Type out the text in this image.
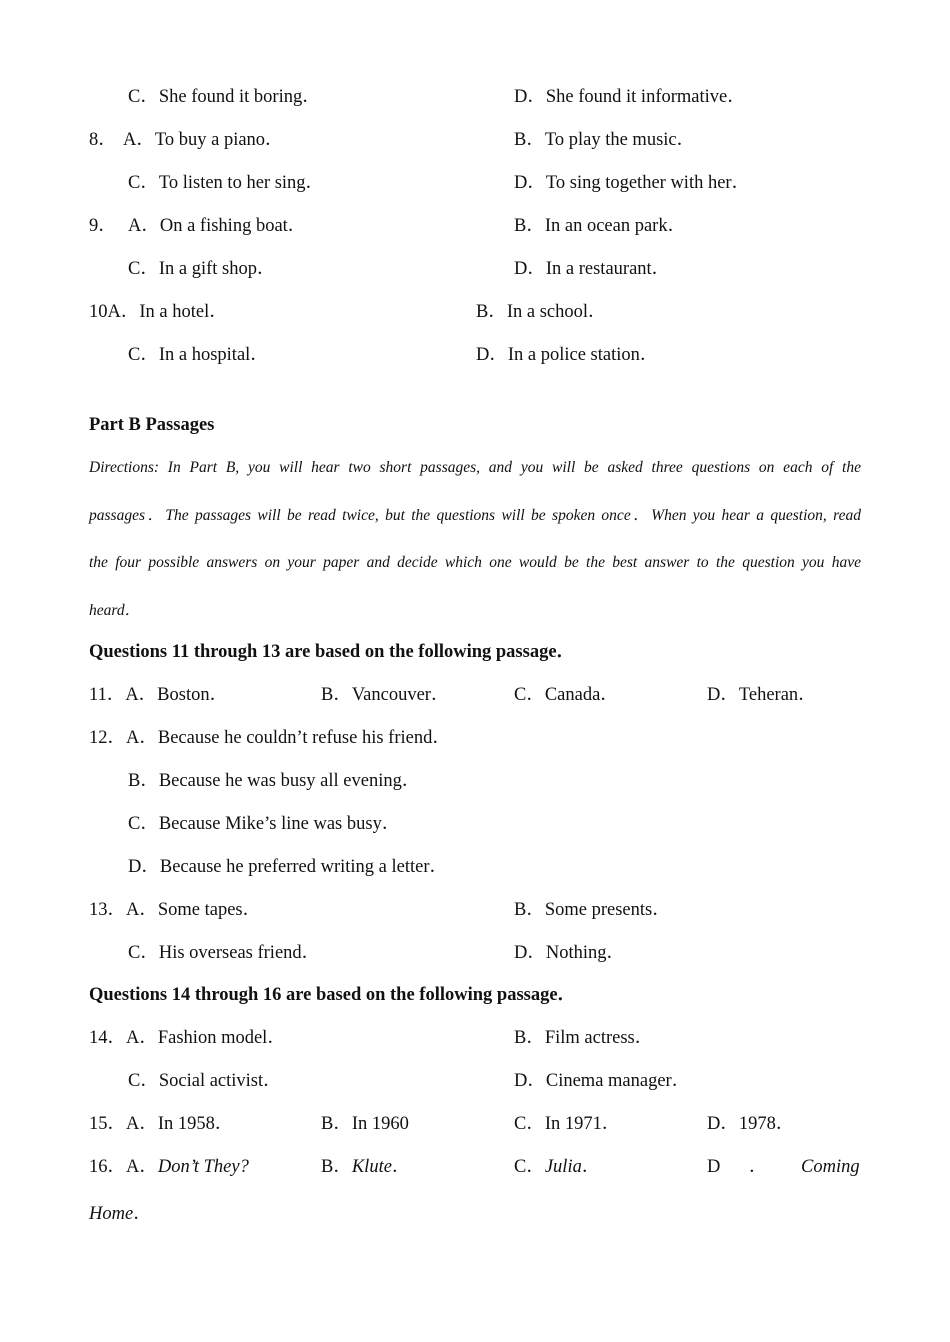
C．She found it boring．	D．She found it informative．
8． A．To buy a piano．	B．To play the music．
C．To listen to her sing．	D．To sing together with her．
9． A．On a fishing boat．	B．In an ocean park．
C．In a gift shop．	D．In a restaurant．
10A．In a hotel．	B．In a school．
C．In a hospital．	D．In a police station．
Part B Passages
Directions: In Part B, you will hear two short passages, and you will be asked three questions on each of the
passages．The passages will be read twice, but the questions will be spoken once．When you hear a question, read
the four possible answers on your paper and decide which one would be the best answer to the question you have
heard．
Questions 11 through 13 are based on the following passage．
11．A．Boston．	B．Vancouver．	C．Canada．	D．Teheran．
12．A．Because he couldn’t refuse his friend．
B．Because he was busy all evening．
C．Because Mike’s line was busy．
D．Because he preferred writing a letter．
13．A．Some tapes．	B．Some presents．
C．His overseas friend．	D．Nothing．
Questions 14 through 16 are based on the following passage．
14．A．Fashion model．	B．Film actress．
C．Social activist．	D．Cinema manager．
15．A．In 1958．	B．In 1960	C．In 1971．	D．1978．
16．A．Don’t They?	B．Klute．	C．Julia．	D ． Coming
Home．
